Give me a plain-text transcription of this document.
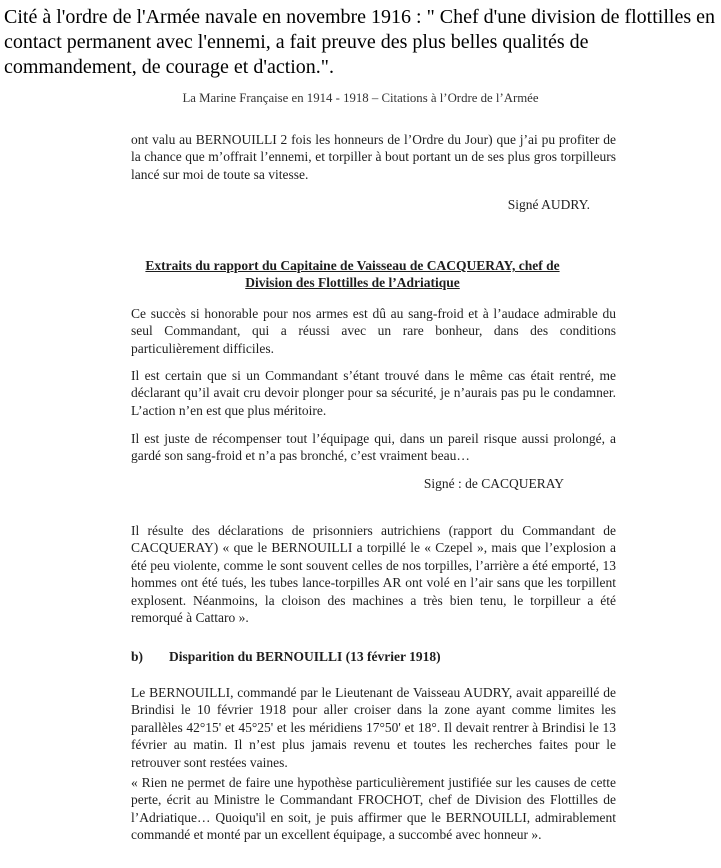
Cité à l'ordre de l'Armée navale en novembre 1916 : " Chef d'une division de flottilles en contact permanent avec l'ennemi, a fait preuve des plus belles qualités de commandement, de courage et d'action.".

La Marine Française en 1914 - 1918 – Citations à l’Ordre de l’Armée

ont valu au BERNOUILLI 2 fois les honneurs de l’Ordre du Jour) que j’ai pu profiter de la chance que m’offrait l’ennemi, et torpiller à bout portant un de ses plus gros torpilleurs lancé sur moi de toute sa vitesse.

Signé AUDRY.
Extraits du rapport du Capitaine de Vaisseau de CACQUERAY, chef de
Division des Flottilles de l’Adriatique

Ce succès si honorable pour nos armes est dû au sang-froid et à l’audace admirable du seul Commandant, qui a réussi avec un rare bonheur, dans des conditions particulièrement difficiles.

Il est certain que si un Commandant s’étant trouvé dans le même cas était rentré, me déclarant qu’il avait cru devoir plonger pour sa sécurité, je n’aurais pas pu le condamner. L’action n’en est que plus méritoire.

Il est juste de récompenser tout l’équipage qui, dans un pareil risque aussi prolongé, a gardé son sang-froid et n’a pas bronché, c’est vraiment beau…

Signé : de CACQUERAY

Il résulte des déclarations de prisonniers autrichiens (rapport du Commandant de CACQUERAY) « que le BERNOUILLI a torpillé le « Czepel », mais que l’explosion a été peu violente, comme le sont souvent celles de nos torpilles, l’arrière a été emporté, 13 hommes ont été tués, les tubes lance-torpilles AR ont volé en l’air sans que les torpillent explosent. Néanmoins, la cloison des machines a très bien tenu, le torpilleur a été remorqué à Cattaro ».

b) Disparition du BERNOUILLI (13 février 1918)

Le BERNOUILLI, commandé par le Lieutenant de Vaisseau AUDRY, avait appareillé de Brindisi le 10 février 1918 pour aller croiser dans la zone ayant comme limites les parallèles 42°15' et 45°25' et les méridiens 17°50' et 18°. Il devait rentrer à Brindisi le 13 février au matin. Il n’est plus jamais revenu et toutes les recherches faites pour le retrouver sont restées vaines.

« Rien ne permet de faire une hypothèse particulièrement justifiée sur les causes de cette perte, écrit au Ministre le Commandant FROCHOT, chef de Division des Flottilles de l’Adriatique… Quoiqu'il en soit, je puis affirmer que le BERNOUILLI, admirablement commandé et monté par un excellent équipage, a succombé avec honneur ».
